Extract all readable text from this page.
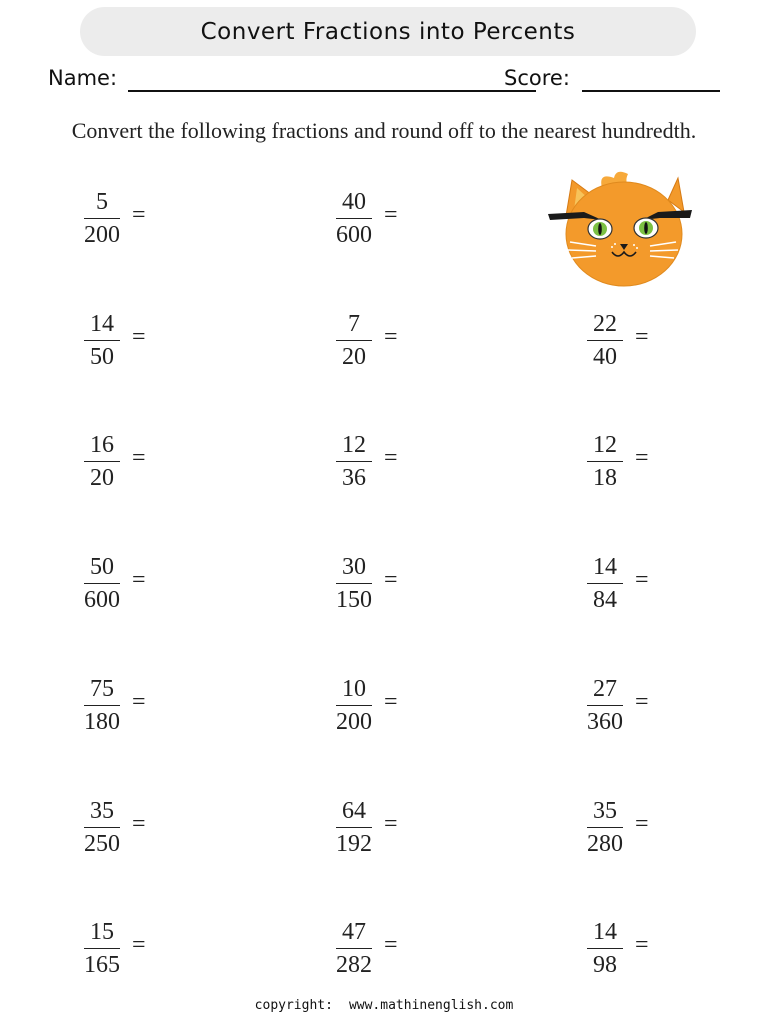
Convert Fractions into Percents
Name:	Score:
Convert the following fractions and round off to the nearest hundredth.
5
200
=	40
600
=
14
50
=	7
20
=	22
40
=
16
20
=	12
36
=	12
18
=
50
600
=	30
150
=	14
84
=
75
180
=	10
200
=	27
360
=
35
250
=	64
192
=	35
280
=
15
165
=	47
282
=	14
98
=
copyright: www.mathinenglish.com
